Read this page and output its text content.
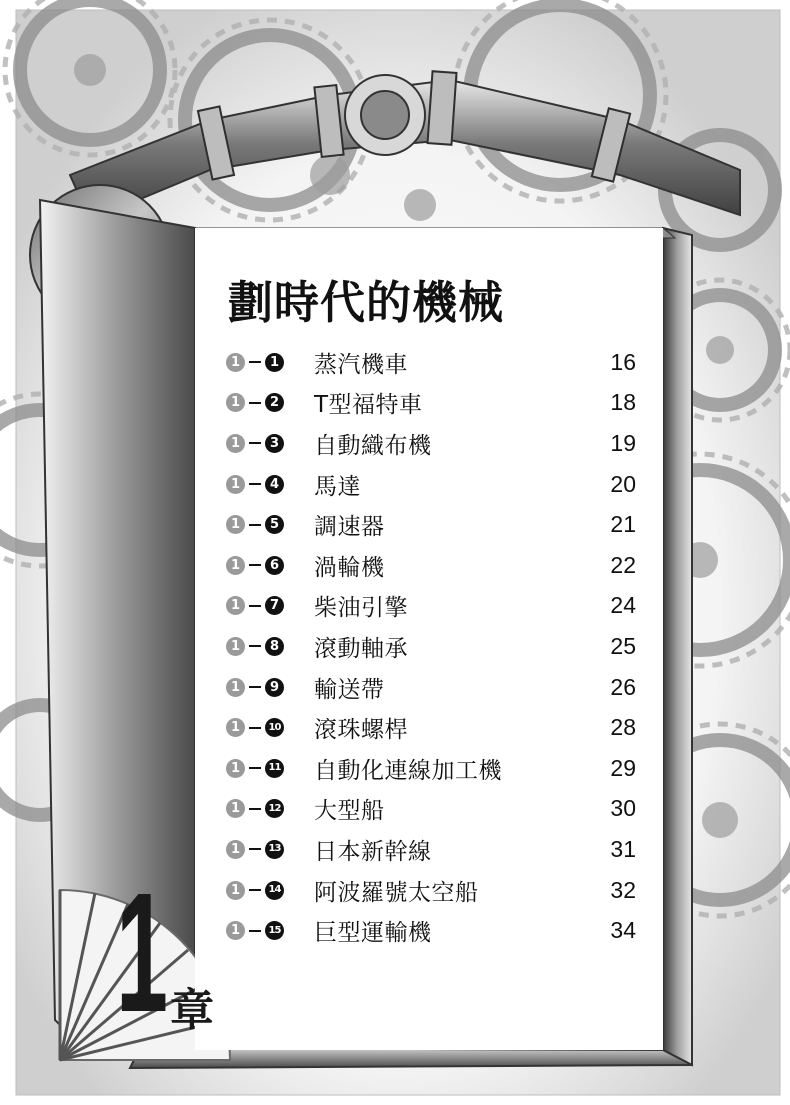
劃時代的機械
1	1 蒸汽機車	16
1	2 T型福特車	18
1	3 自動織布機	19
1	4 馬達	20
1	5 調速器	21
1	6 渦輪機	22
1	7 柴油引擎	24
1	8 滾動軸承	25
1	9 輸送帶	26
1	10 滾珠螺桿	28
1	11 自動化連線加工機	29
1	12 大型船	30
1	13 日本新幹線	31
1	14 阿波羅號太空船	32
1	15 巨型運輸機	34
1 章
